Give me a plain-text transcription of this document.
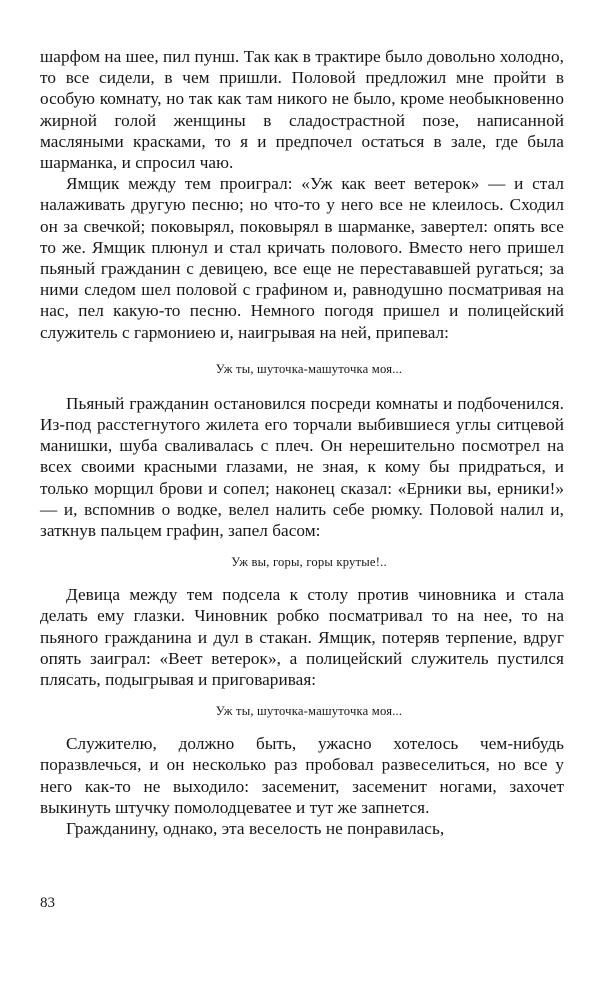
шарфом на шее, пил пунш. Так как в трактире было довольно холодно, то все сидели, в чем пришли. Половой предложил мне пройти в особую комнату, но так как там никого не было, кроме необыкновенно жирной голой женщины в сладострастной позе, написанной масляными красками, то я и предпочел остаться в зале, где была шарманка, и спросил чаю.

Ямщик между тем проиграл: «Уж как веет ветерок» — и стал налаживать другую песню; но что-то у него все не клеилось. Сходил он за свечкой; поковырял, поковырял в шарманке, завертел: опять все то же. Ямщик плюнул и стал кричать полового. Вместо него пришел пьяный гражданин с девицею, все еще не перестававшей ругаться; за ними следом шел половой с графином и, равнодушно посматривая на нас, пел какую-то песню. Немного погодя пришел и полицейский служитель с гармониею и, наигрывая на ней, припевал:

Уж ты, шуточка-машуточка моя...

Пьяный гражданин остановился посреди комнаты и подбоченился. Из-под расстегнутого жилета его торчали выбившиеся углы ситцевой манишки, шуба сваливалась с плеч. Он нерешительно посмотрел на всех своими красными глазами, не зная, к кому бы придраться, и только морщил брови и сопел; наконец сказал: «Ерники вы, ерники!» — и, вспомнив о водке, велел налить себе рюмку. Половой налил и, заткнув пальцем графин, запел басом:

Уж вы, горы, горы крутые!..

Девица между тем подсела к столу против чиновника и стала делать ему глазки. Чиновник робко посматривал то на нее, то на пьяного гражданина и дул в стакан. Ямщик, потеряв терпение, вдруг опять заиграл: «Веет ветерок», а полицейский служитель пустился плясать, подыгрывая и приговаривая:

Уж ты, шуточка-машуточка моя...

Служителю, должно быть, ужасно хотелось чем-нибудь поразвлечься, и он несколько раз пробовал развеселиться, но все у него как-то не выходило: засеменит, засеменит ногами, захочет выкинуть штучку помолодцеватее и тут же запнется.

Гражданину, однако, эта веселость не понравилась,

83
